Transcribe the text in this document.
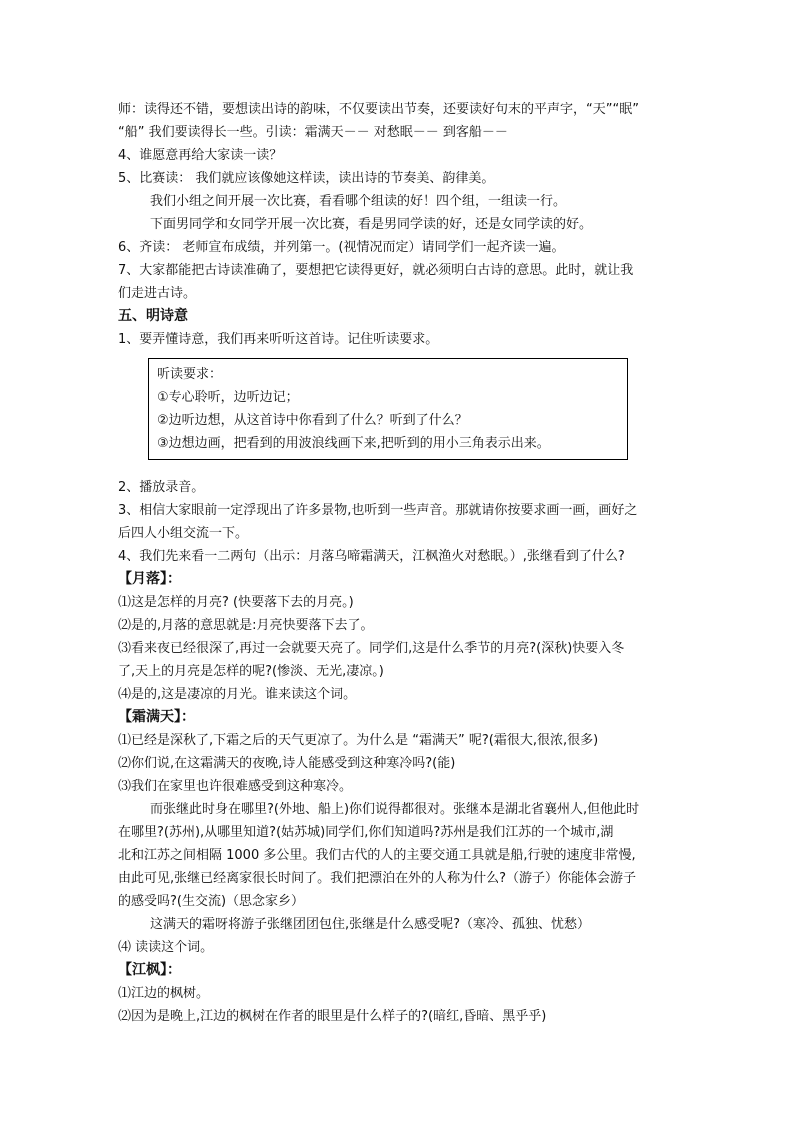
师：读得还不错，要想读出诗的韵味，不仅要读出节奏，还要读好句末的平声字，“天”“眠”

“船” 我们要读得长一些。引读：霜满天－－ 对愁眠－－ 到客船－－

4、谁愿意再给大家读一读？

5、比赛读： 我们就应该像她这样读，读出诗的节奏美、韵律美。

我们小组之间开展一次比赛，看看哪个组读的好！四个组，一组读一行。

下面男同学和女同学开展一次比赛，看是男同学读的好，还是女同学读的好。

6、齐读： 老师宣布成绩，并列第一。(视情况而定）请同学们一起齐读一遍。

7、大家都能把古诗读准确了，要想把它读得更好，就必须明白古诗的意思。此时，就让我

们走进古诗。

五、明诗意

1、要弄懂诗意，我们再来听听这首诗。记住听读要求。

听读要求：

①专心聆听，边听边记；

②边听边想，从这首诗中你看到了什么？听到了什么？

③边想边画，把看到的用波浪线画下来,把听到的用小三角表示出来。

2、播放录音。

3、相信大家眼前一定浮现出了许多景物,也听到一些声音。那就请你按要求画一画，画好之

后四人小组交流一下。

4、我们先来看一二两句（出示：月落乌啼霜满天，江枫渔火对愁眠。）,张继看到了什么?

【月落】：

⑴这是怎样的月亮? (快要落下去的月亮。)

⑵是的,月落的意思就是:月亮快要落下去了。

⑶看来夜已经很深了,再过一会就要天亮了。同学们,这是什么季节的月亮?(深秋)快要入冬

了,天上的月亮是怎样的呢?(惨淡、无光,凄凉。)

⑷是的,这是凄凉的月光。谁来读这个词。

【霜满天】：

⑴已经是深秋了,下霜之后的天气更凉了。为什么是 “霜满天” 呢?(霜很大,很浓,很多)

⑵你们说,在这霜满天的夜晚,诗人能感受到这种寒冷吗?(能)

⑶我们在家里也许很难感受到这种寒冷。

而张继此时身在哪里?(外地、船上)你们说得都很对。张继本是湖北省襄州人,但他此时

在哪里?(苏州),从哪里知道?(姑苏城)同学们,你们知道吗?苏州是我们江苏的一个城市,湖

北和江苏之间相隔 1000 多公里。我们古代的人的主要交通工具就是船,行驶的速度非常慢,

由此可见,张继已经离家很长时间了。我们把漂泊在外的人称为什么?（游子）你能体会游子

的感受吗?(生交流)（思念家乡）

这满天的霜呀将游子张继团团包住,张继是什么感受呢?（寒冷、孤独、忧愁）

⑷ 读读这个词。

【江枫】：

⑴江边的枫树。

⑵因为是晚上,江边的枫树在作者的眼里是什么样子的?(暗红,昏暗、黑乎乎)
